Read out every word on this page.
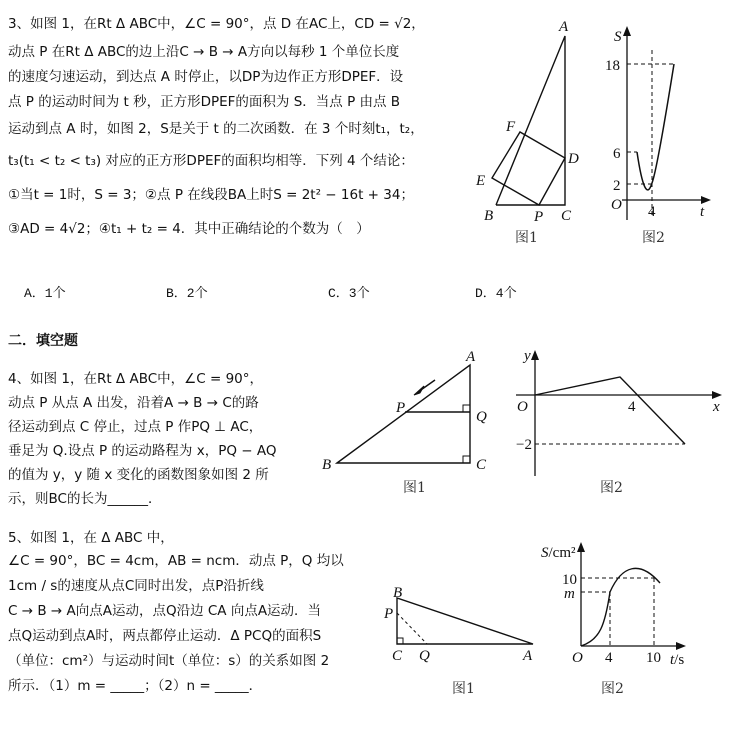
3、如图 1，在Rt Δ ABC中，∠C = 90°，点 D 在AC上，CD = √2，
动点 P 在Rt Δ ABC的边上沿C → B → A方向以每秒 1 个单位长度
的速度匀速运动，到达点 A 时停止，以DP为边作正方形DPEF．设
点 P 的运动时间为 t 秒，正方形DPEF的面积为 S．当点 P 由点 B
运动到点 A 时，如图 2，S是关于 t 的二次函数．在 3 个时刻t₁，t₂，
t₃(t₁ < t₂ < t₃) 对应的正方形DPEF的面积均相等．下列 4 个结论：
①当t = 1时，S = 3；②点 P 在线段BA上时S = 2t² − 16t + 34；
③AD = 4√2；④t₁ + t₂ = 4．其中正确结论的个数为（　）
A
B	C
D
E
F
P
图1
S
18
6
2
O 4	t
图2
A．1个	B．2个	C．3个	D．4个
二．填空题
4、如图 1，在Rt Δ ABC中，∠C = 90°，
动点 P 从点 A 出发，沿着A → B → C的路
径运动到点 C 停止，过点 P 作PQ ⊥ AC，
垂足为 Q.设点 P 的运动路程为 x，PQ − AQ
的值为 y，y 随 x 变化的函数图象如图 2 所
示，则BC的长为______．
A
B	C
P
Q
图1
y
O	4	x
−2
图2
5、如图 1，在 Δ ABC 中，
∠C = 90°，BC = 4cm，AB = ncm．动点 P，Q 均以
1cm / s的速度从点C同时出发，点P沿折线
C → B → A向点A运动，点Q沿边 CA 向点A运动．当
点Q运动到点A时，两点都停止运动．Δ PCQ的面积S
（单位：cm²）与运动时间t（单位：s）的关系如图 2
所示．（1）m = _____；（2）n = _____．
B
P
C Q	A
图1
S/cm²
10
m
O 4 10 t/s
图2
